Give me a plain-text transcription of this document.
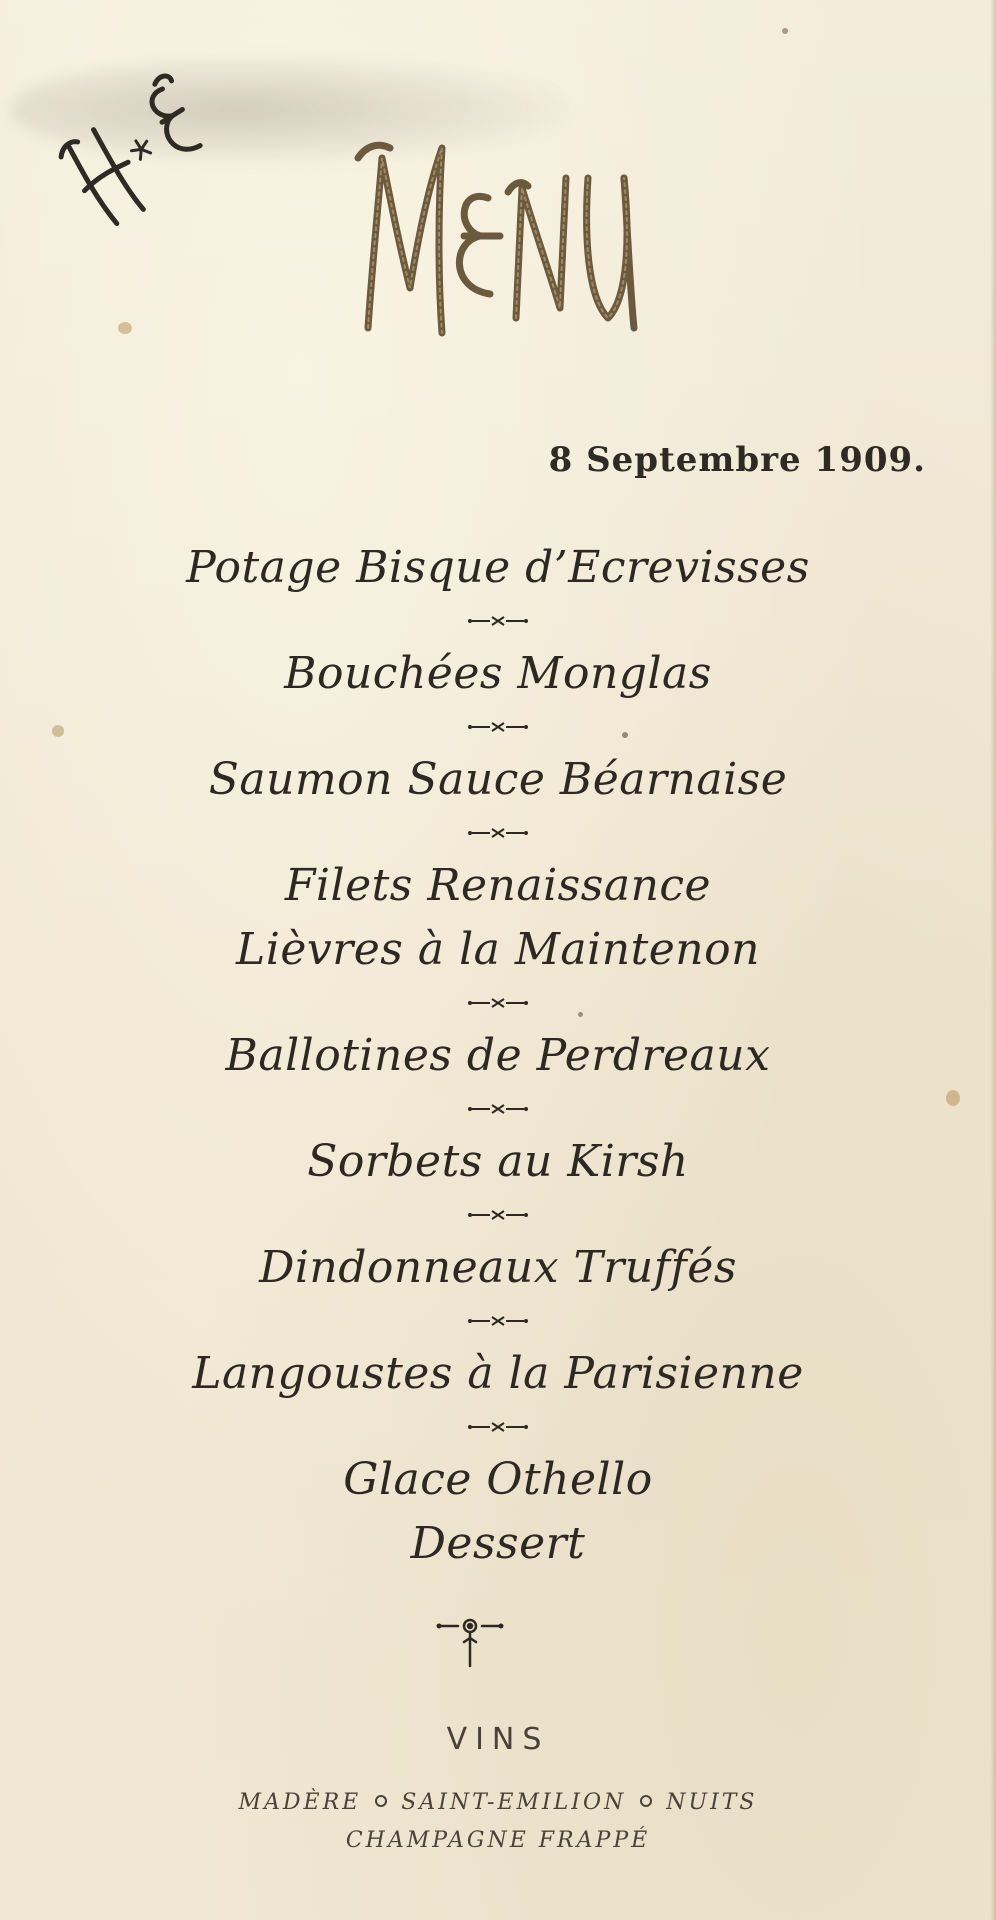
MENU
8 Septembre 1909.
Potage Bisque d’Ecrevisses
Bouchées Monglas
Saumon Sauce Béarnaise
Filets Renaissance
Lièvres à la Maintenon
Ballotines de Perdreaux
Sorbets au Kirsh
Dindonneaux Truffés
Langoustes à la Parisienne
Glace Othello
Dessert
VINS
MADÈRE SAINT-EMILION NUITS
CHAMPAGNE FRAPPÉ
